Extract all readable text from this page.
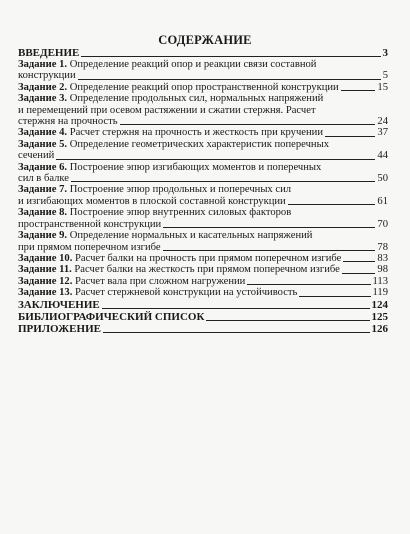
СОДЕРЖАНИЕ
ВВЕДЕНИЕ	3
Задание 1. Определение реакций опор и реакции связи составной
конструкции	5
Задание 2. Определение реакций опор пространственной конструкции	15
Задание 3. Определение продольных сил, нормальных напряжений
и перемещений при осевом растяжении и сжатии стержня. Расчет
стержня на прочность	24
Задание 4. Расчет стержня на прочность и жесткость при кручении	37
Задание 5. Определение геометрических характеристик поперечных
сечений	44
Задание 6. Построение эпюр изгибающих моментов и поперечных
сил в балке	50
Задание 7. Построение эпюр продольных и поперечных сил
и изгибающих моментов в плоской составной конструкции	61
Задание 8. Построение эпюр внутренних силовых факторов
пространственной конструкции	70
Задание 9. Определение нормальных и касательных напряжений
при прямом поперечном изгибе	78
Задание 10. Расчет балки на прочность при прямом поперечном изгибе	83
Задание 11. Расчет балки на жесткость при прямом поперечном изгибе	98
Задание 12. Расчет вала при сложном нагружении	113
Задание 13. Расчет стержневой конструкции на устойчивость	119
ЗАКЛЮЧЕНИЕ	124
БИБЛИОГРАФИЧЕСКИЙ СПИСОК	125
ПРИЛОЖЕНИЕ	126
